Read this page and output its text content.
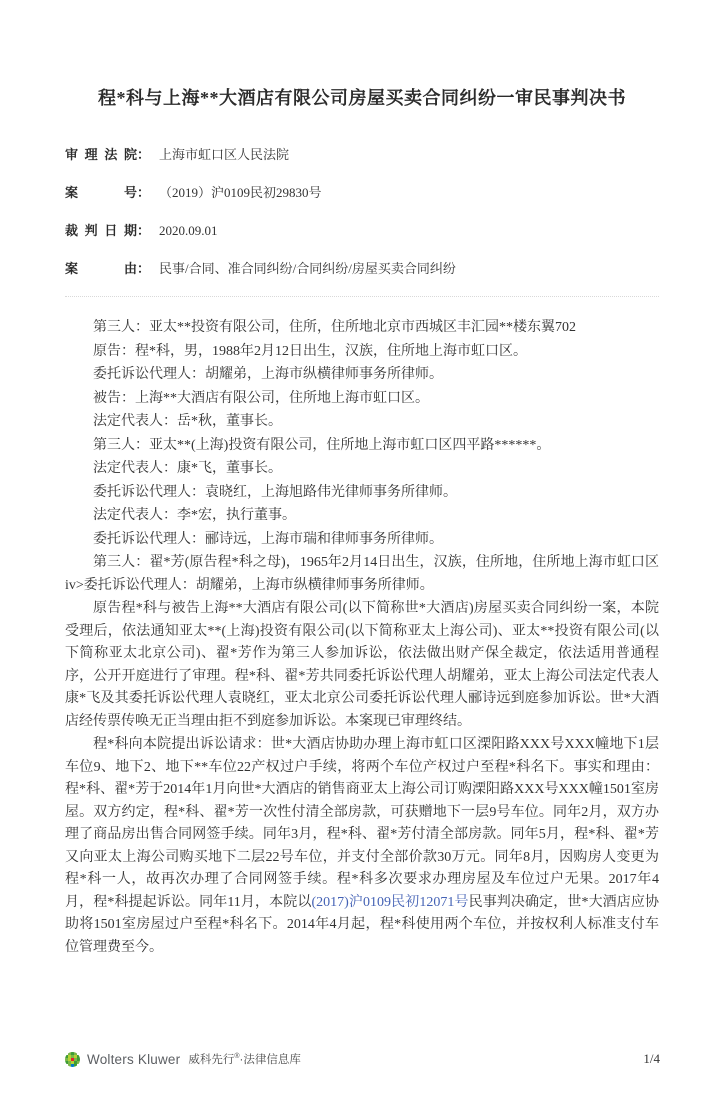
程*科与上海**大酒店有限公司房屋买卖合同纠纷一审民事判决书
审理法院： 上海市虹口区人民法院
案号： （2019）沪0109民初29830号
裁判日期： 2020.09.01
案由： 民事/合同、准合同纠纷/合同纠纷/房屋买卖合同纠纷

第三人：亚太**投资有限公司，住所，住所地北京市西城区丰汇园**楼东翼702

原告：程*科，男，1988年2月12日出生，汉族，住所地上海市虹口区。

委托诉讼代理人：胡耀弟，上海市纵横律师事务所律师。

被告：上海**大酒店有限公司，住所地上海市虹口区。

法定代表人：岳*秋，董事长。

第三人：亚太**(上海)投资有限公司，住所地上海市虹口区四平路******。

法定代表人：康*飞，董事长。

委托诉讼代理人：袁晓红，上海旭路伟光律师事务所律师。

法定代表人：李*宏，执行董事。

委托诉讼代理人：郦诗远，上海市瑞和律师事务所律师。

第三人：翟*芳(原告程*科之母)，1965年2月14日出生，汉族，住所地，住所地上海市虹口区 iv>委托诉讼代理人：胡耀弟，上海市纵横律师事务所律师。

原告程*科与被告上海**大酒店有限公司(以下简称世*大酒店)房屋买卖合同纠纷一案，本院受理后，依法通知亚太**(上海)投资有限公司(以下简称亚太上海公司)、亚太**投资有限公司(以下简称亚太北京公司)、翟*芳作为第三人参加诉讼，依法做出财产保全裁定，依法适用普通程序，公开开庭进行了审理。程*科、翟*芳共同委托诉讼代理人胡耀弟，亚太上海公司法定代表人康*飞及其委托诉讼代理人袁晓红，亚太北京公司委托诉讼代理人郦诗远到庭参加诉讼。世*大酒店经传票传唤无正当理由拒不到庭参加诉讼。本案现已审理终结。

程*科向本院提出诉讼请求：世*大酒店协助办理上海市虹口区溧阳路XXX号XXX幢地下1层车位9、地下2、地下**车位22产权过户手续，将两个车位产权过户至程*科名下。事实和理由：程*科、翟*芳于2014年1月向世*大酒店的销售商亚太上海公司订购溧阳路XXX号XXX幢1501室房屋。双方约定，程*科、翟*芳一次性付清全部房款，可获赠地下一层9号车位。同年2月，双方办理了商品房出售合同网签手续。同年3月，程*科、翟*芳付清全部房款。同年5月，程*科、翟*芳又向亚太上海公司购买地下二层22号车位，并支付全部价款30万元。同年8月，因购房人变更为程*科一人，故再次办理了合同网签手续。程*科多次要求办理房屋及车位过户无果。2017年4月，程*科提起诉讼。同年11月，本院以(2017)沪0109民初12071号民事判决确定，世*大酒店应协助将1501室房屋过户至程*科名下。2014年4月起，程*科使用两个车位，并按权利人标准支付车位管理费至今。

Wolters Kluwer 威科先行®·法律信息库	1/4
